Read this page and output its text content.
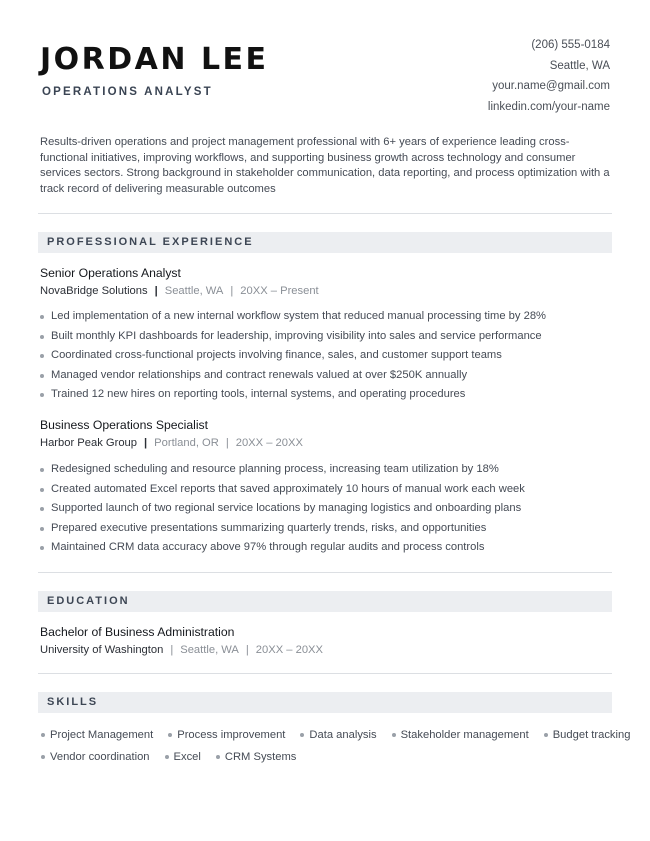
JORDAN LEE
OPERATIONS ANALYST
(206) 555-0184
Seattle, WA
your.name@gmail.com
linkedin.com/your-name

Results-driven operations and project management professional with 6+ years of experience leading cross-functional initiatives, improving workflows, and supporting business growth across technology and consumer services sectors. Strong background in stakeholder communication, data reporting, and process optimization with a track record of delivering measurable outcomes

PROFESSIONAL EXPERIENCE
Senior Operations Analyst
NovaBridge Solutions | Seattle, WA | 20XX – Present
Led implementation of a new internal workflow system that reduced manual processing time by 28%
Built monthly KPI dashboards for leadership, improving visibility into sales and service performance
Coordinated cross-functional projects involving finance, sales, and customer support teams
Managed vendor relationships and contract renewals valued at over $250K annually
Trained 12 new hires on reporting tools, internal systems, and operating procedures
Business Operations Specialist
Harbor Peak Group | Portland, OR | 20XX – 20XX
Redesigned scheduling and resource planning process, increasing team utilization by 18%
Created automated Excel reports that saved approximately 10 hours of manual work each week
Supported launch of two regional service locations by managing logistics and onboarding plans
Prepared executive presentations summarizing quarterly trends, risks, and opportunities
Maintained CRM data accuracy above 97% through regular audits and process controls
EDUCATION
Bachelor of Business Administration
University of Washington | Seattle, WA | 20XX – 20XX
SKILLS
Project Management Process improvement Data analysis Stakeholder management Budget tracking
Vendor coordination Excel CRM Systems
